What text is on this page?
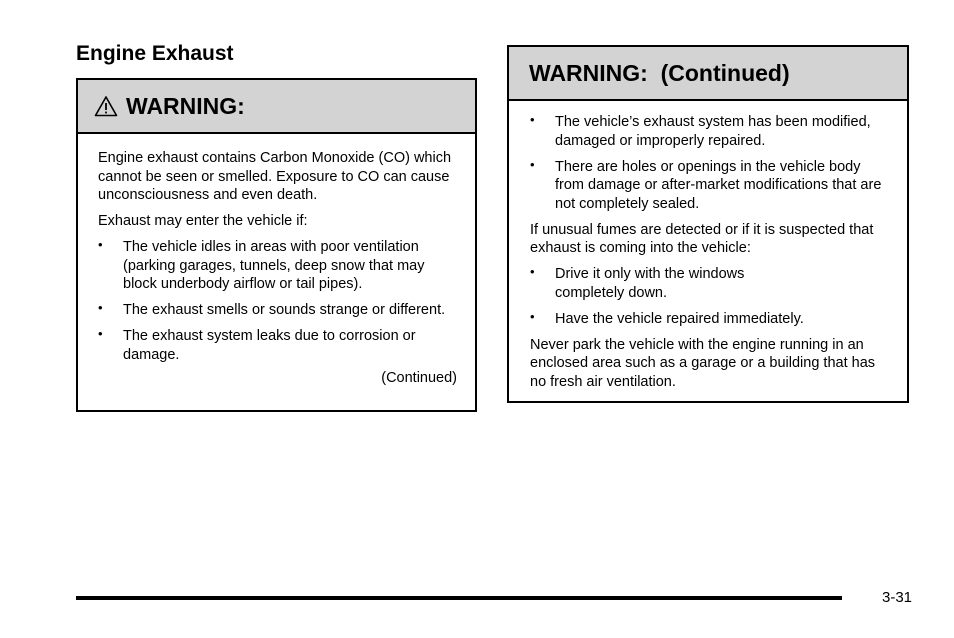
Engine Exhaust
WARNING:

Engine exhaust contains Carbon Monoxide (CO) which cannot be seen or smelled. Exposure to CO can cause unconsciousness and even death.

Exhaust may enter the vehicle if:

• The vehicle idles in areas with poor ventilation (parking garages, tunnels, deep snow that may block underbody airflow or tail pipes).
• The exhaust smells or sounds strange or different.
• The exhaust system leaks due to corrosion or damage.
(Continued)
WARNING:  (Continued)
• The vehicle’s exhaust system has been modified, damaged or improperly repaired.
• There are holes or openings in the vehicle body from damage or after-market modifications that are not completely sealed.

If unusual fumes are detected or if it is suspected that exhaust is coming into the vehicle:

• Drive it only with the windows completely down.
• Have the vehicle repaired immediately.

Never park the vehicle with the engine running in an enclosed area such as a garage or a building that has no fresh air ventilation.

3-31
